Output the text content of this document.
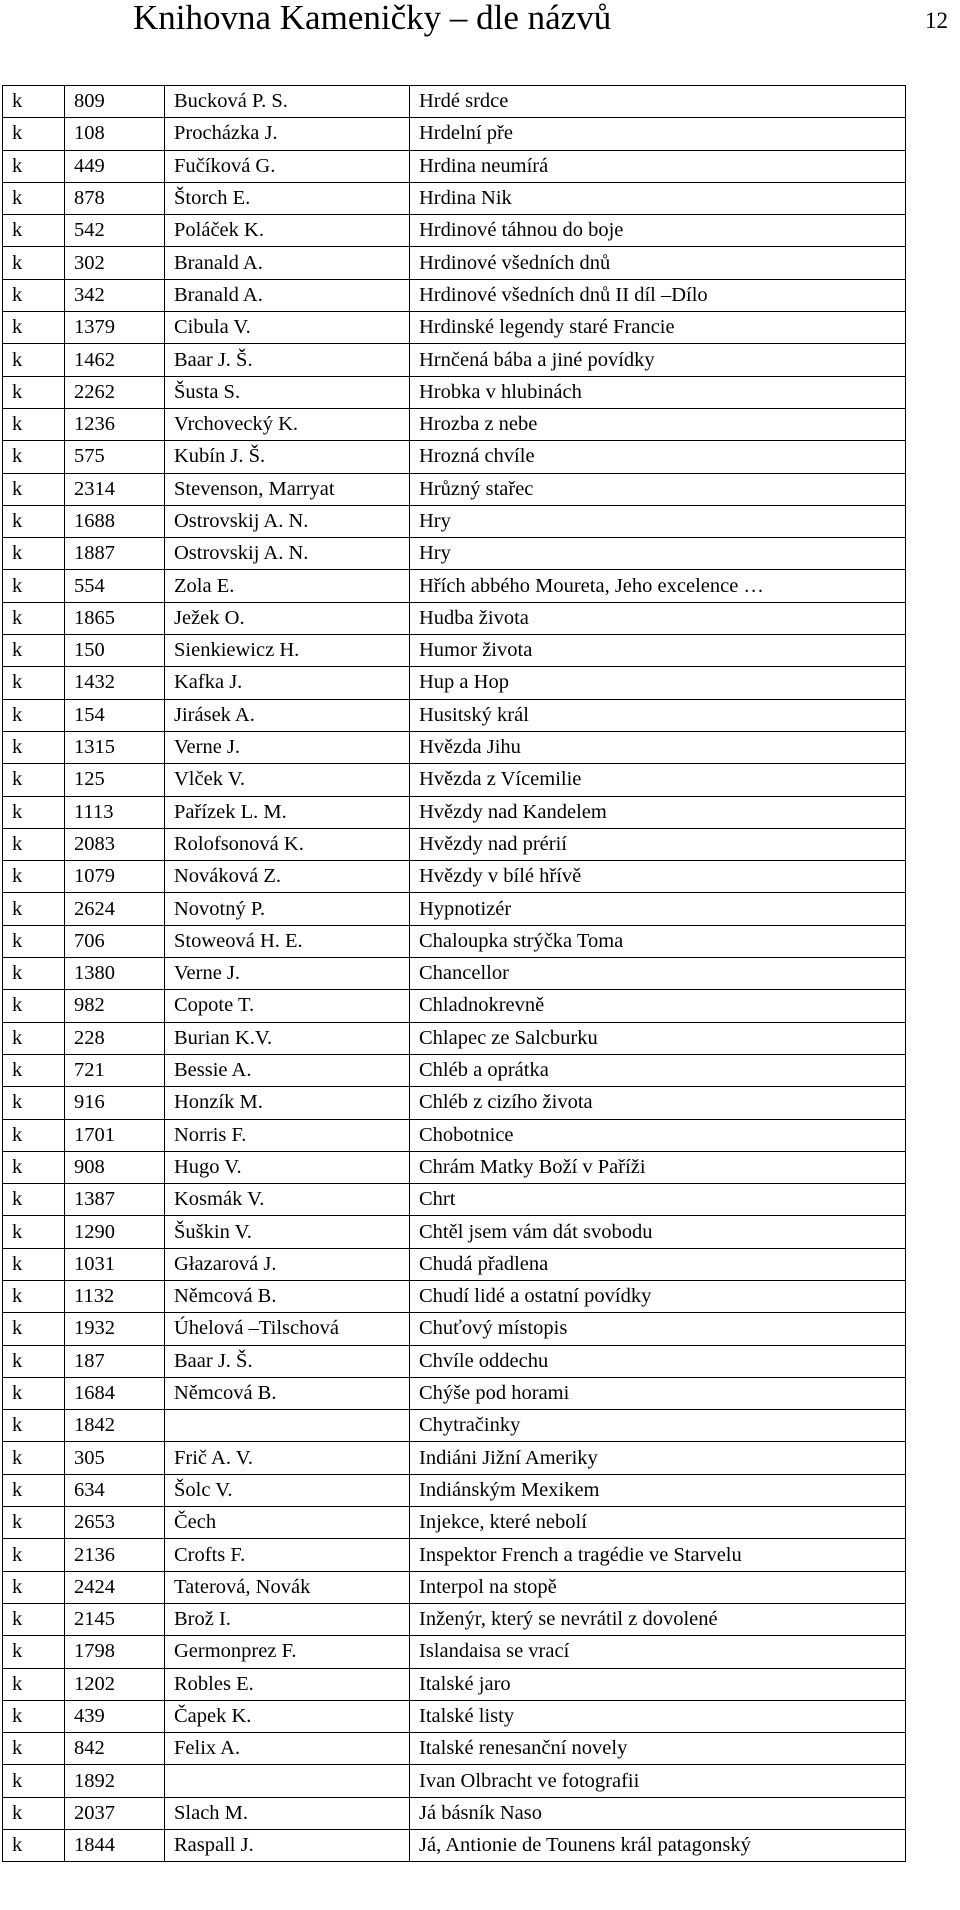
Knihovna Kameničky – dle názvů	12
k	809	Bucková P. S.	Hrdé srdce
k	108	Procházka J.	Hrdelní pře
k	449	Fučíková G.	Hrdina neumírá
k	878	Štorch E.	Hrdina Nik
k	542	Poláček K.	Hrdinové táhnou do boje
k	302	Branald A.	Hrdinové všedních dnů
k	342	Branald A.	Hrdinové všedních dnů II díl –Dílo
k	1379	Cibula V.	Hrdinské legendy staré Francie
k	1462	Baar J. Š.	Hrnčená bába a jiné povídky
k	2262	Šusta S.	Hrobka v hlubinách
k	1236	Vrchovecký K.	Hrozba z nebe
k	575	Kubín J. Š.	Hrozná chvíle
k	2314	Stevenson, Marryat	Hrůzný stařec
k	1688	Ostrovskij A. N.	Hry
k	1887	Ostrovskij A. N.	Hry
k	554	Zola E.	Hřích abbého Moureta, Jeho excelence …
k	1865	Ježek O.	Hudba života
k	150	Sienkiewicz H.	Humor života
k	1432	Kafka J.	Hup a Hop
k	154	Jirásek A.	Husitský král
k	1315	Verne J.	Hvězda Jihu
k	125	Vlček V.	Hvězda z Vícemilie
k	1113	Pařízek L. M.	Hvězdy nad Kandelem
k	2083	Rolofsonová K.	Hvězdy nad prérií
k	1079	Nováková Z.	Hvězdy v bílé hřívě
k	2624	Novotný P.	Hypnotizér
k	706	Stoweová H. E.	Chaloupka strýčka Toma
k	1380	Verne J.	Chancellor
k	982	Copote T.	Chladnokrevně
k	228	Burian K.V.	Chlapec ze Salcburku
k	721	Bessie A.	Chléb a oprátka
k	916	Honzík M.	Chléb z cizího života
k	1701	Norris F.	Chobotnice
k	908	Hugo V.	Chrám Matky Boží v Paříži
k	1387	Kosmák V.	Chrt
k	1290	Šuškin V.	Chtěl jsem vám dát svobodu
k	1031	Głazarová J.	Chudá přadlena
k	1132	Němcová B.	Chudí lidé a ostatní povídky
k	1932	Úhelová –Tilschová	Chuťový místopis
k	187	Baar J. Š.	Chvíle oddechu
k	1684	Němcová B.	Chýše pod horami
k	1842		Chytračinky
k	305	Frič A. V.	Indiáni Jižní Ameriky
k	634	Šolc V.	Indiánským Mexikem
k	2653	Čech	Injekce, které nebolí
k	2136	Crofts F.	Inspektor French a tragédie ve Starvelu
k	2424	Taterová, Novák	Interpol na stopě
k	2145	Brož I.	Inženýr, který se nevrátil z dovolené
k	1798	Germonprez F.	Islandaisa se vrací
k	1202	Robles E.	Italské jaro
k	439	Čapek K.	Italské listy
k	842	Felix A.	Italské renesanční novely
k	1892		Ivan Olbracht ve fotografii
k	2037	Slach M.	Já básník Naso
k	1844	Raspall J.	Já, Antionie de Tounens král patagonský
